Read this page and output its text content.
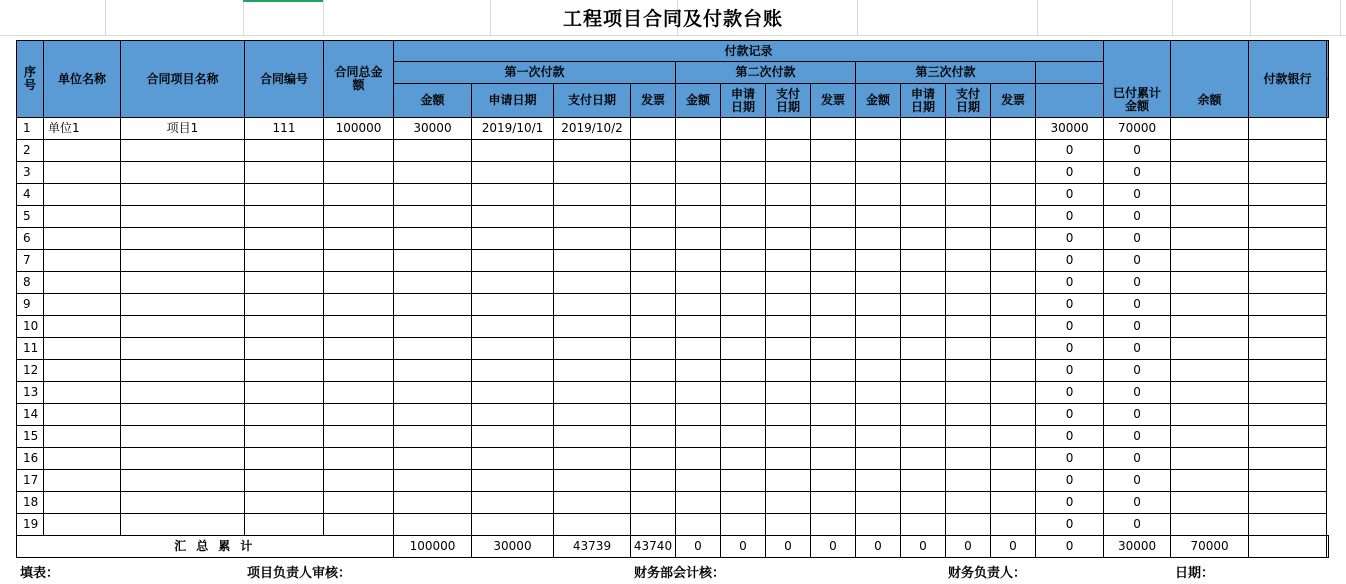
工程项目合同及付款台账
序号	单位名称	合同项目名称	合同编号	合同总金额	付款记录															付款银行	
					第一次付款				第二次付款				第三次付款								
					金额	申请日期	支付日期	发票	金额	申请日期	支付日期	发票	金额	申请日期	支付日期	发票		已付累计金额	余额		
1	单位1	项目1	111	100000	30000	2019/10/1	2019/10/2										30000	70000			
2																	0	0			
3																	0	0			
4																	0	0			
5																	0	0			
6																	0	0			
7																	0	0			
8																	0	0			
9																	0	0			
10																	0	0			
11																	0	0			
12																	0	0			
13																	0	0			
14																	0	0			
15																	0	0			
16																	0	0			
17																	0	0			
18																	0	0			
19																	0	0			
	汇总累计				100000	30000	43739	43740	0	0	0	0	0	0	0	0	0	30000	70000		
填表：	项目负责人审核：	财务部会计核：	财务负责人：	日期：
